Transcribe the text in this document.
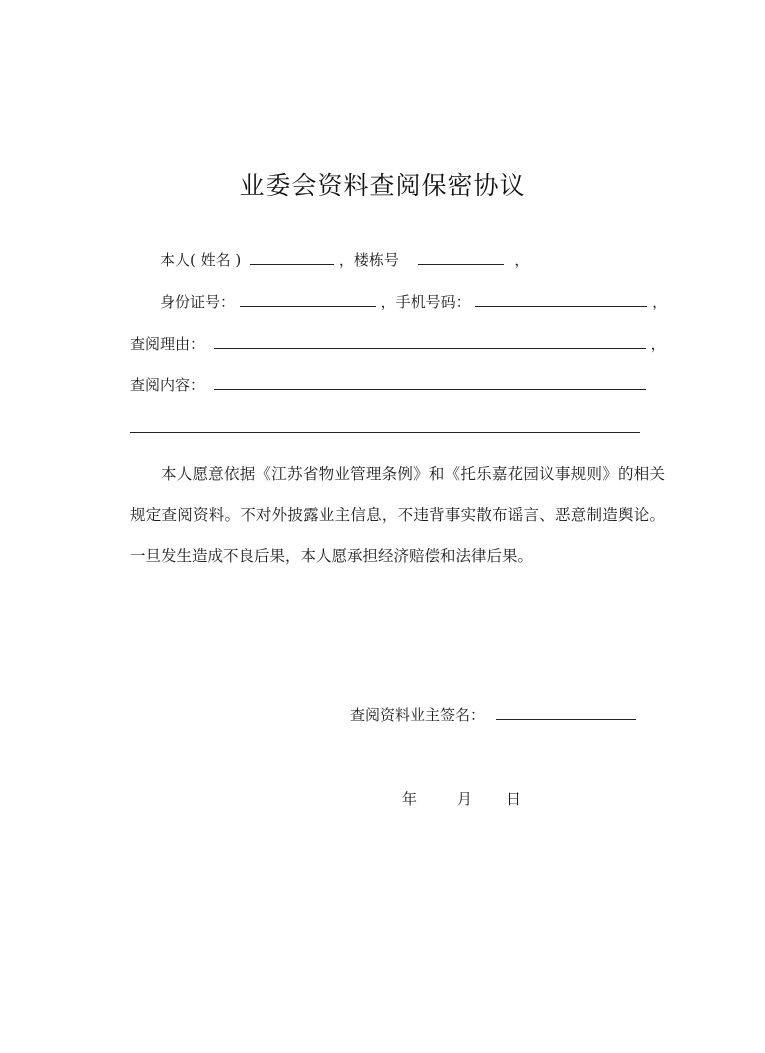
业委会资料查阅保密协议
本人( 姓名 )	，楼栋号	，
身份证号：	，手机号码：	，
查阅理由：	，
查阅内容：
本人愿意依据《江苏省物业管理条例》和《托乐嘉花园议事规则》的相关规定查阅资料。不对外披露业主信息，不违背事实散布谣言、恶意制造舆论。一旦发生造成不良后果，本人愿承担经济赔偿和法律后果。
查阅资料业主签名：
年	月 日
